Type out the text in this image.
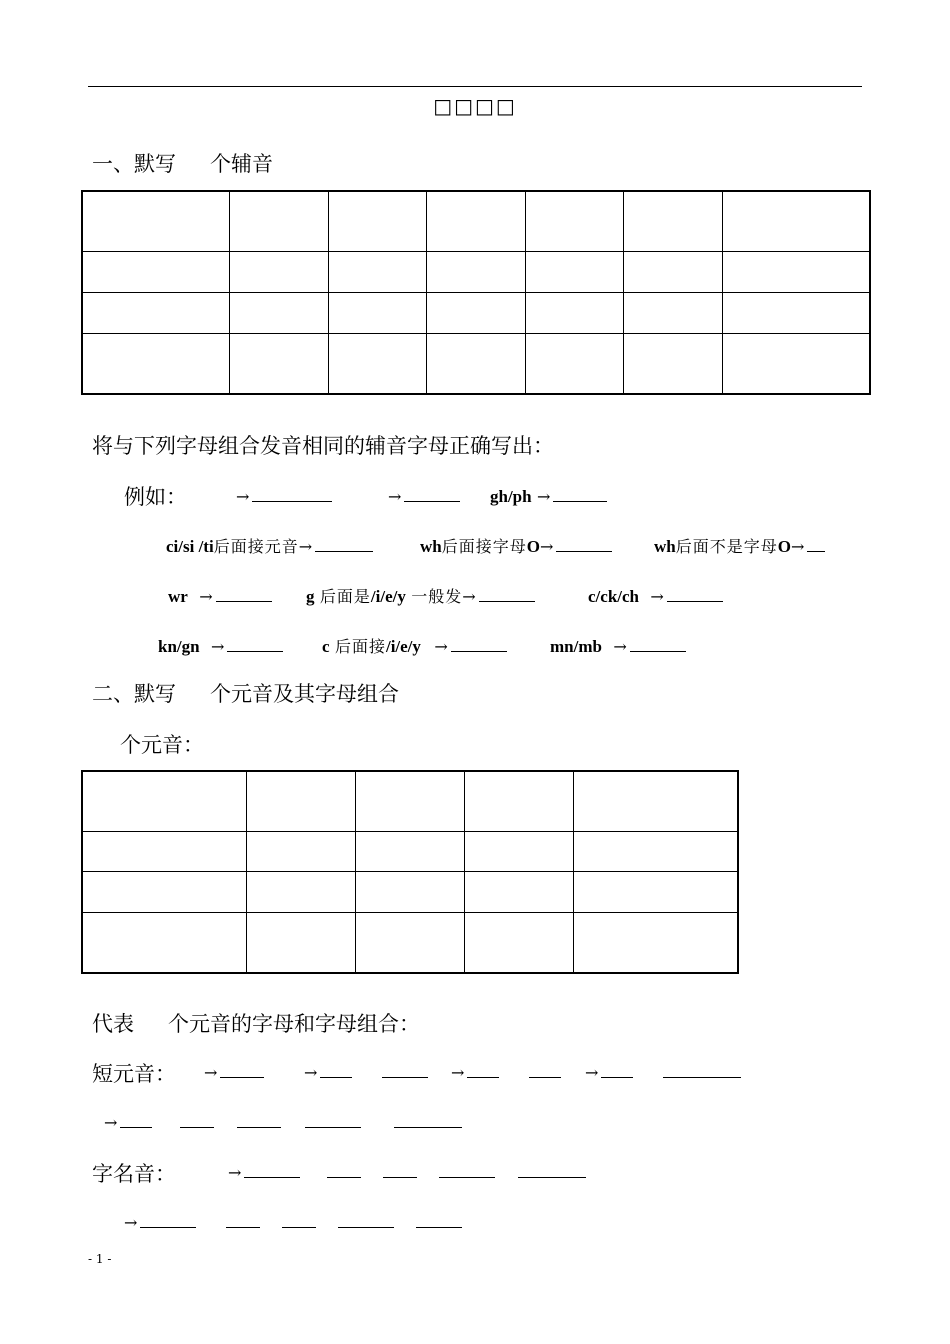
□□□□
一、默写 个辅音

将与下列字母组合发音相同的辅音字母正确写出：
例如：	→	→	gh/ph →
ci/si /ti后面接元音→	wh后面接字母O→	wh后面不是字母O→
wr →	g 后面是/i/e/y 一般发→	c/ck/ch →
kn/gn →	c 后面接/i/e/y →	mn/mb →
二、默写 个元音及其字母组合
个元音：

代表 个元音的字母和字母组合：
短元音： →	→	→	→
→
字名音：	→
→
- 1 -
